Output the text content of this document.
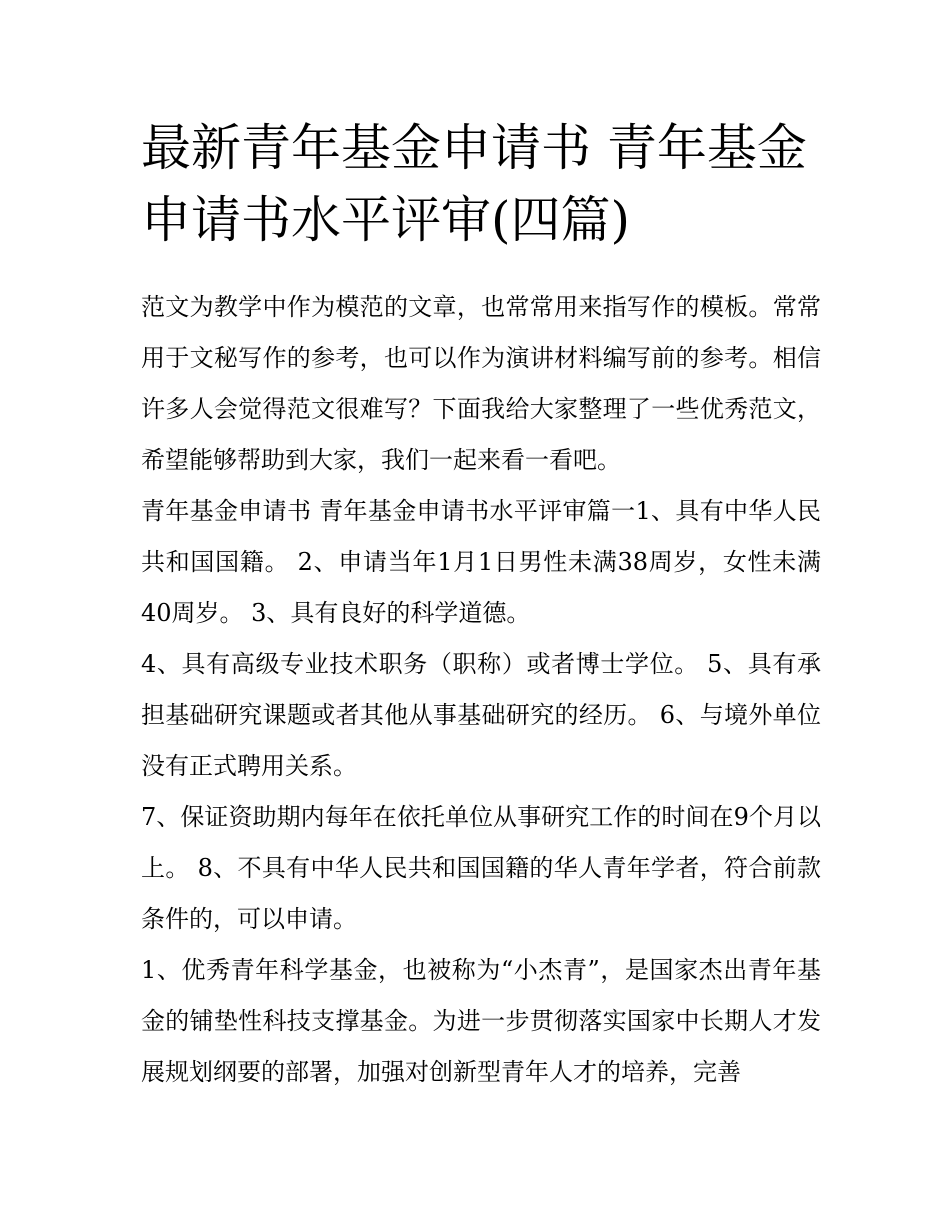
最新青年基金申请书 青年基金申请书水平评审(四篇)

范文为教学中作为模范的文章，也常常用来指写作的模板。常常用于文秘写作的参考，也可以作为演讲材料编写前的参考。相信许多人会觉得范文很难写？下面我给大家整理了一些优秀范文，希望能够帮助到大家，我们一起来看一看吧。

青年基金申请书 青年基金申请书水平评审篇一1、具有中华人民共和国国籍。 2、申请当年1月1日男性未满38周岁，女性未满40周岁。 3、具有良好的科学道德。

4、具有高级专业技术职务（职称）或者博士学位。 5、具有承担基础研究课题或者其他从事基础研究的经历。 6、与境外单位没有正式聘用关系。

7、保证资助期内每年在依托单位从事研究工作的时间在9个月以上。 8、不具有中华人民共和国国籍的华人青年学者，符合前款条件的，可以申请。

1、优秀青年科学基金，也被称为“小杰青”，是国家杰出青年基金的铺垫性科技支撑基金。为进一步贯彻落实国家中长期人才发展规划纲要的部署，加强对创新型青年人才的培养，完善
